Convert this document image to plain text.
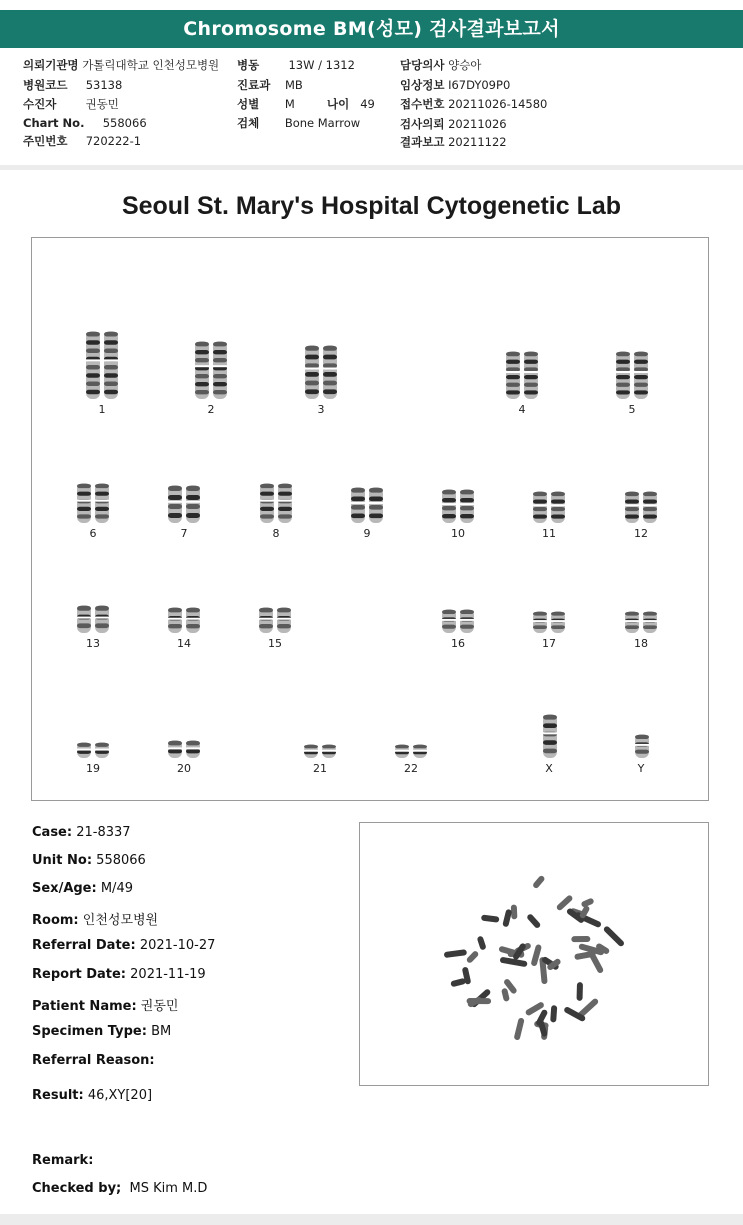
Chromosome BM(성모) 검사결과보고서
의뢰기관명 가톨릭대학교 인천성모병원
병원코드 53138
수진자	권동민
Chart No. 558066
주민번호 720222-1
병동	13W / 1312
진료과 MB
성별 M	나이 49
검체 Bone Marrow
담당의사 양승아
임상정보 I67DY09P0
접수번호 20211026-14580
검사의뢰 20211026
결과보고 20211122
Seoul St. Mary's Hospital Cytogenetic Lab
1	2	3	4	5
6	7	8	9	10	11	12
13	14	15	16	17	18
19	20	21	22	X	Y
Case: 21-8337
Unit No: 558066
Sex/Age: M/49
Room: 인천성모병원
Referral Date: 2021-10-27
Report Date: 2021-11-19
Patient Name: 권동민
Specimen Type: BM
Referral Reason:
Result: 46,XY[20]
Remark:
Checked by; MS Kim M.D
